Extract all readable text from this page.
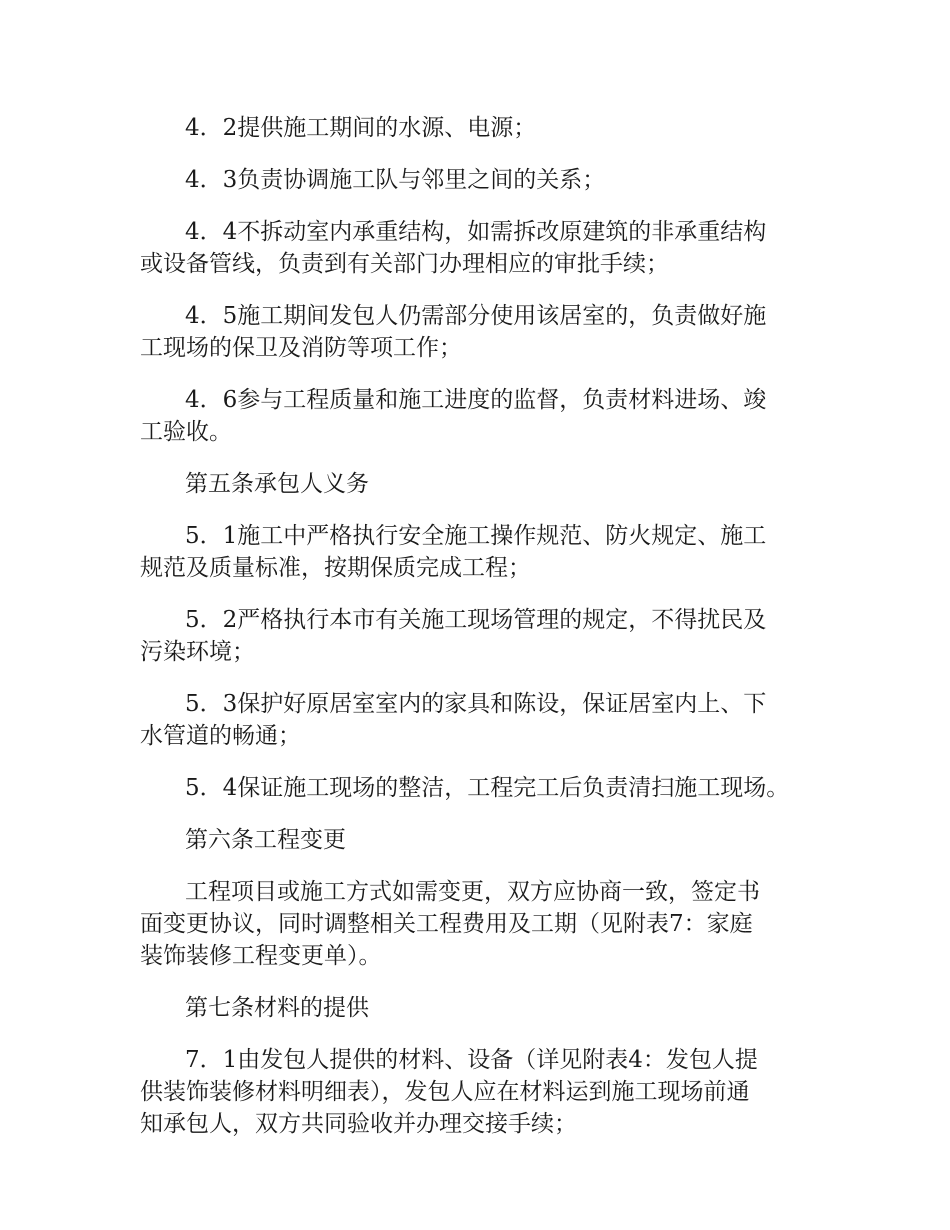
4．2提供施工期间的水源、电源；

4．3负责协调施工队与邻里之间的关系；

4．4不拆动室内承重结构，如需拆改原建筑的非承重结构
或设备管线，负责到有关部门办理相应的审批手续；

4．5施工期间发包人仍需部分使用该居室的，负责做好施
工现场的保卫及消防等项工作；

4．6参与工程质量和施工进度的监督，负责材料进场、竣
工验收。

第五条承包人义务

5．1施工中严格执行安全施工操作规范、防火规定、施工
规范及质量标准，按期保质完成工程；

5．2严格执行本市有关施工现场管理的规定，不得扰民及
污染环境；

5．3保护好原居室室内的家具和陈设，保证居室内上、下
水管道的畅通；

5．4保证施工现场的整洁，工程完工后负责清扫施工现场。

第六条工程变更

工程项目或施工方式如需变更，双方应协商一致，签定书
面变更协议，同时调整相关工程费用及工期（见附表7：家庭
装饰装修工程变更单）。

第七条材料的提供

7．1由发包人提供的材料、设备（详见附表4：发包人提
供装饰装修材料明细表），发包人应在材料运到施工现场前通
知承包人，双方共同验收并办理交接手续；
